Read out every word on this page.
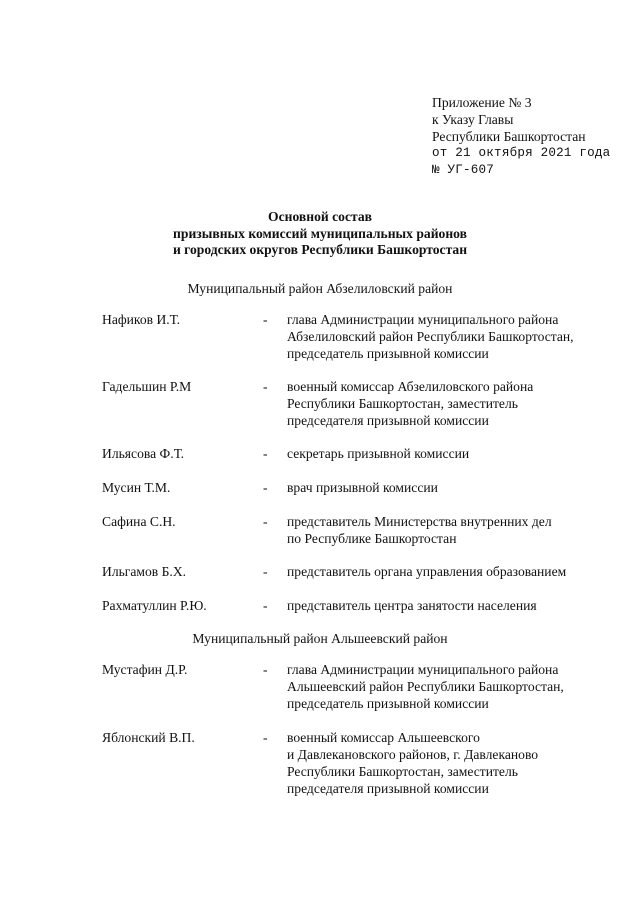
Приложение № 3
к Указу Главы
Республики Башкортостан
от 21 октября 2021 года
№ УГ-607
Основной состав
призывных комиссий муниципальных районов
и городских округов Республики Башкортостан
Муниципальный район Абзелиловский район
Нафиков И.Т.	- глава Администрации муниципального района
Абзелиловский район Республики Башкортостан,
председатель призывной комиссии
Гадельшин Р.М	- военный комиссар Абзелиловского района
Республики Башкортостан, заместитель
председателя призывной комиссии
Ильясова Ф.Т.	- секретарь призывной комиссии
Мусин Т.М.	- врач призывной комиссии
Сафина С.Н.	- представитель Министерства внутренних дел
по Республике Башкортостан
Ильгамов Б.Х.	- представитель органа управления образованием
Рахматуллин Р.Ю.	- представитель центра занятости населения
Муниципальный район Альшеевский район
Мустафин Д.Р.	- глава Администрации муниципального района
Альшеевский район Республики Башкортостан,
председатель призывной комиссии
Яблонский В.П.	- военный комиссар Альшеевского
и Давлекановского районов, г. Давлеканово
Республики Башкортостан, заместитель
председателя призывной комиссии
